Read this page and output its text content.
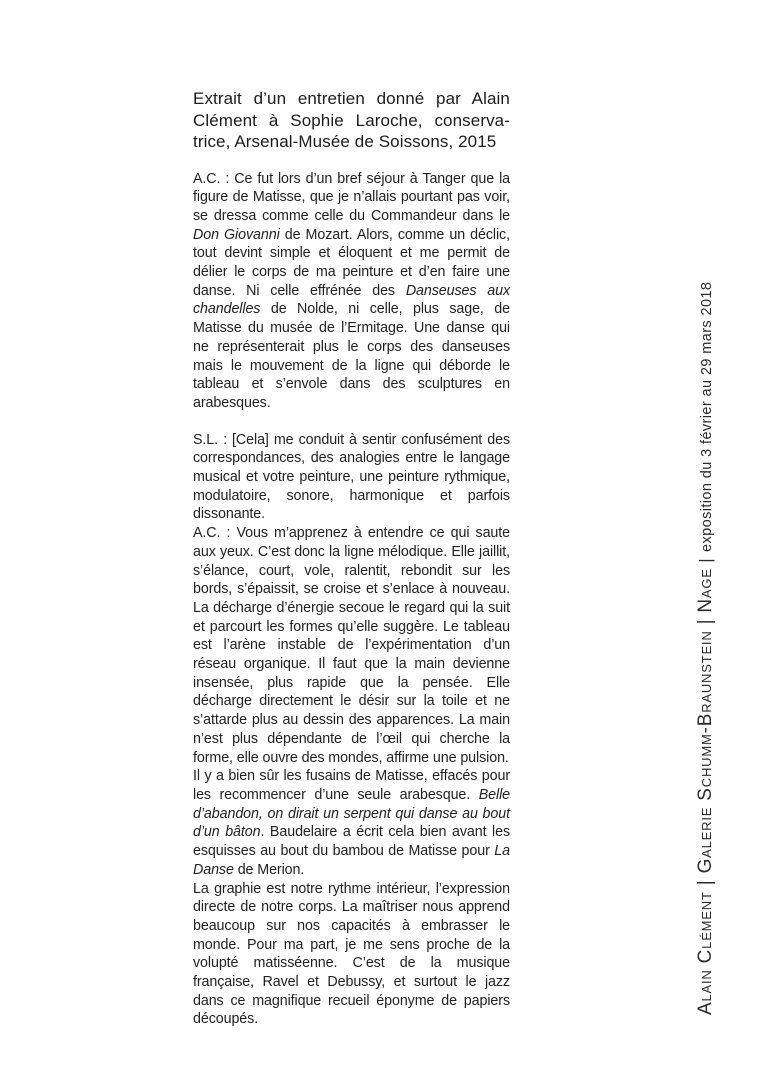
Extrait d’un entretien donné par Alain
Clément à Sophie Laroche, conserva-
trice, Arsenal-Musée de Soissons, 2015

A.C. : Ce fut lors d’un bref séjour à Tanger que la figure de Matisse, que je n’allais pourtant pas voir, se dressa comme celle du Commandeur dans le Don Giovanni de Mozart. Alors, comme un déclic, tout devint simple et éloquent et me permit de délier le corps de ma peinture et d’en faire une danse. Ni celle effrénée des Danseuses aux chandelles de Nolde, ni celle, plus sage, de Matisse du musée de l’Ermitage. Une danse qui ne représenterait plus le corps des danseuses mais le mouvement de la ligne qui déborde le tableau et s’envole dans des sculptures en arabesques.

S.L. : [Cela] me conduit à sentir confusément des correspondances, des analogies entre le langage musical et votre peinture, une peinture rythmique, modulatoire, sonore, harmonique et parfois dissonante.

A.C. : Vous m’apprenez à entendre ce qui saute aux yeux. C’est donc la ligne mélodique. Elle jaillit, s’élance, court, vole, ralentit, rebondit sur les bords, s’épaissit, se croise et s’enlace à nouveau. La décharge d’énergie secoue le regard qui la suit et parcourt les formes qu’elle suggère. Le tableau est l’arène instable de l’expérimentation d’un réseau organique. Il faut que la main devienne insensée, plus rapide que la pensée. Elle décharge directement le désir sur la toile et ne s’attarde plus au dessin des apparences. La main n’est plus dépendante de l’œil qui cherche la forme, elle ouvre des mondes, affirme une pulsion.

Il y a bien sûr les fusains de Matisse, effacés pour les recommencer d’une seule arabesque. Belle d’abandon, on dirait un serpent qui danse au bout d’un bâton. Baudelaire a écrit cela bien avant les esquisses au bout du bambou de Matisse pour La Danse de Merion.

La graphie est notre rythme intérieur, l’expression directe de notre corps. La maîtriser nous apprend beaucoup sur nos capacités à embrasser le monde. Pour ma part, je me sens proche de la volupté matisséenne. C’est de la musique française, Ravel et Debussy, et surtout le jazz dans ce magnifique recueil éponyme de papiers découpés.

Alain Clément | Galerie Schumm-Braunstein | Nage | exposition du 3 février au 29 mars 2018
